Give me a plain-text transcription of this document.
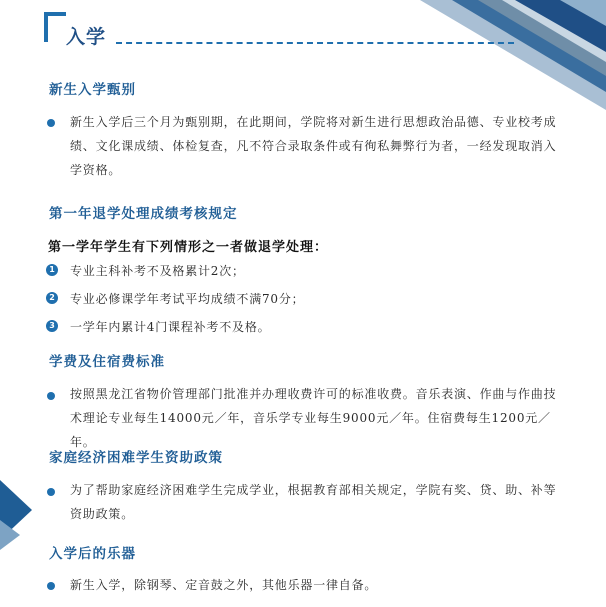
入学
新生入学甄别
新生入学后三个月为甄别期，在此期间，学院将对新生进行思想政治品德、专业校考成绩、文化课成绩、体检复查，凡不符合录取条件或有徇私舞弊行为者，一经发现取消入学资格。
第一年退学处理成绩考核规定
第一学年学生有下列情形之一者做退学处理：
1 专业主科补考不及格累计2次；
2 专业必修课学年考试平均成绩不满70分；
3 一学年内累计4门课程补考不及格。
学费及住宿费标准
按照黑龙江省物价管理部门批准并办理收费许可的标准收费。音乐表演、作曲与作曲技术理论专业每生14000元／年，音乐学专业每生9000元／年。住宿费每生1200元／年。
家庭经济困难学生资助政策
为了帮助家庭经济困难学生完成学业，根据教育部相关规定，学院有奖、贷、助、补等资助政策。
入学后的乐器
新生入学，除钢琴、定音鼓之外，其他乐器一律自备。
